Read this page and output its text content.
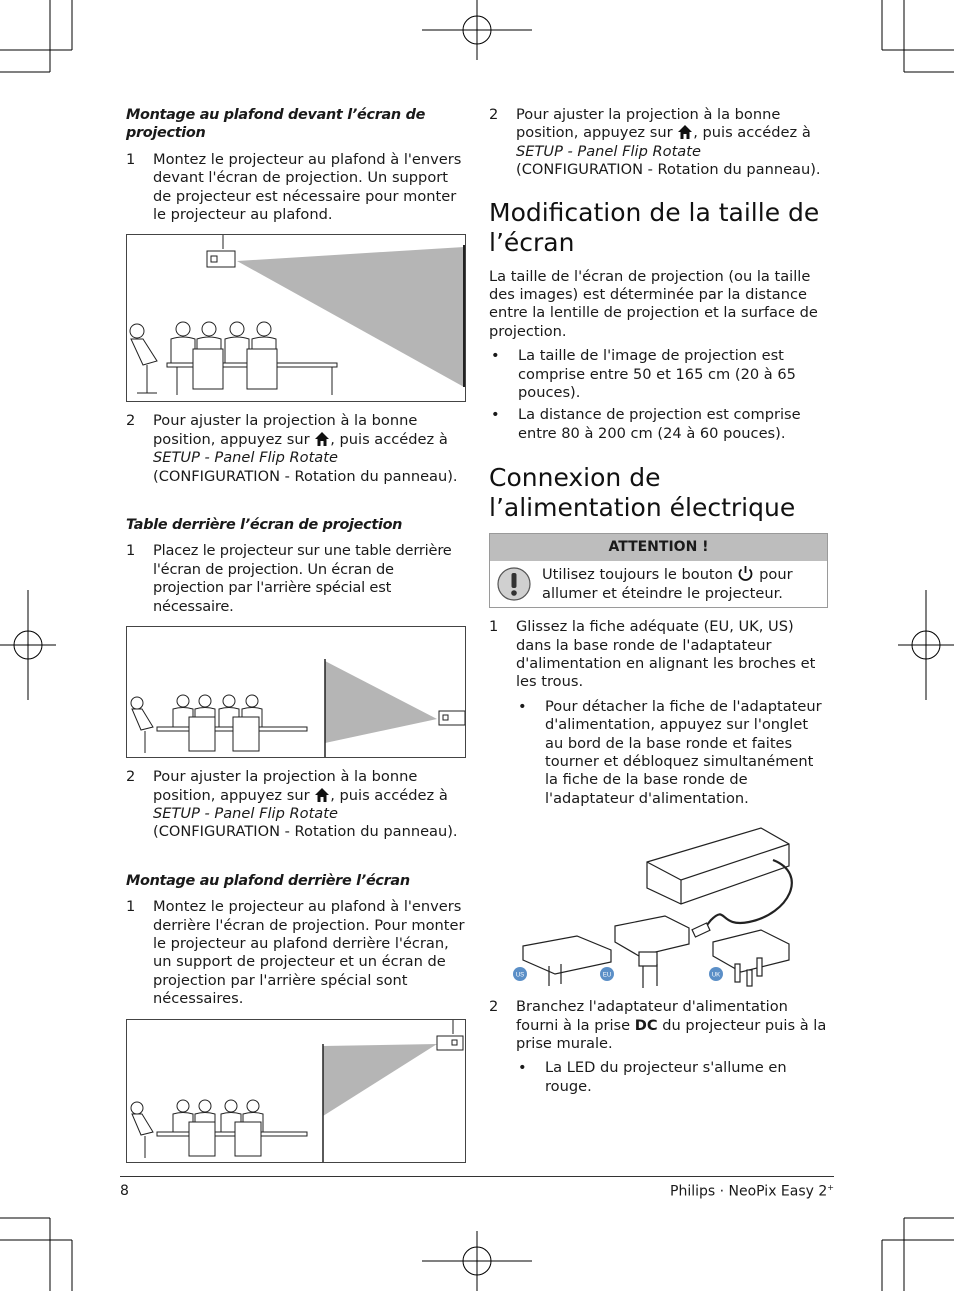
Montage au plafond devant l’écran de projection
1	Montez le projecteur au plafond à l'envers devant l'écran de projection. Un support de projecteur est nécessaire pour monter le projecteur au plafond.
2	Pour ajuster la projection à la bonne position, appuyez sur , puis accédez à
SETUP - Panel Flip Rotate (CONFIGURATION - Rotation du panneau).
Table derrière l’écran de projection
1	Placez le projecteur sur une table derrière l'écran de projection. Un écran de projection par l'arrière spécial est nécessaire.
2	Pour ajuster la projection à la bonne position, appuyez sur , puis accédez à
SETUP - Panel Flip Rotate (CONFIGURATION - Rotation du panneau).
Montage au plafond derrière l’écran
1	Montez le projecteur au plafond à l'envers derrière l'écran de projection. Pour monter le projecteur au plafond derrière l'écran, un support de projecteur et un écran de projection par l'arrière spécial sont nécessaires.
2	Pour ajuster la projection à la bonne position, appuyez sur , puis accédez à SETUP - Panel Flip Rotate (CONFIGURATION - Rotation du panneau).
Modification de la taille de l’écran
La taille de l'écran de projection (ou la taille des images) est déterminée par la distance entre la lentille de projection et la surface de projection.
•	La taille de l'image de projection est comprise entre 50 et 165 cm (20 à 65 pouces).
•	La distance de projection est comprise entre 80 à 200 cm (24 à 60 pouces).
Connexion de l’alimentation électrique
ATTENTION !
Utilisez toujours le bouton  pour allumer et éteindre le projecteur.
1	Glissez la fiche adéquate (EU, UK, US) dans la base ronde de l'adaptateur d'alimentation en alignant les broches et les trous.
•	Pour détacher la fiche de l'adaptateur d'alimentation, appuyez sur l'onglet au bord de la base ronde et faites tourner et débloquez simultanément la fiche de la base ronde de l'adaptateur d'alimentation.
US	EU	UK
2	Branchez l'adaptateur d'alimentation fourni à la prise DC du projecteur puis à la prise murale.
•	La LED du projecteur s'allume en rouge.
8	Philips · NeoPix Easy 2+
